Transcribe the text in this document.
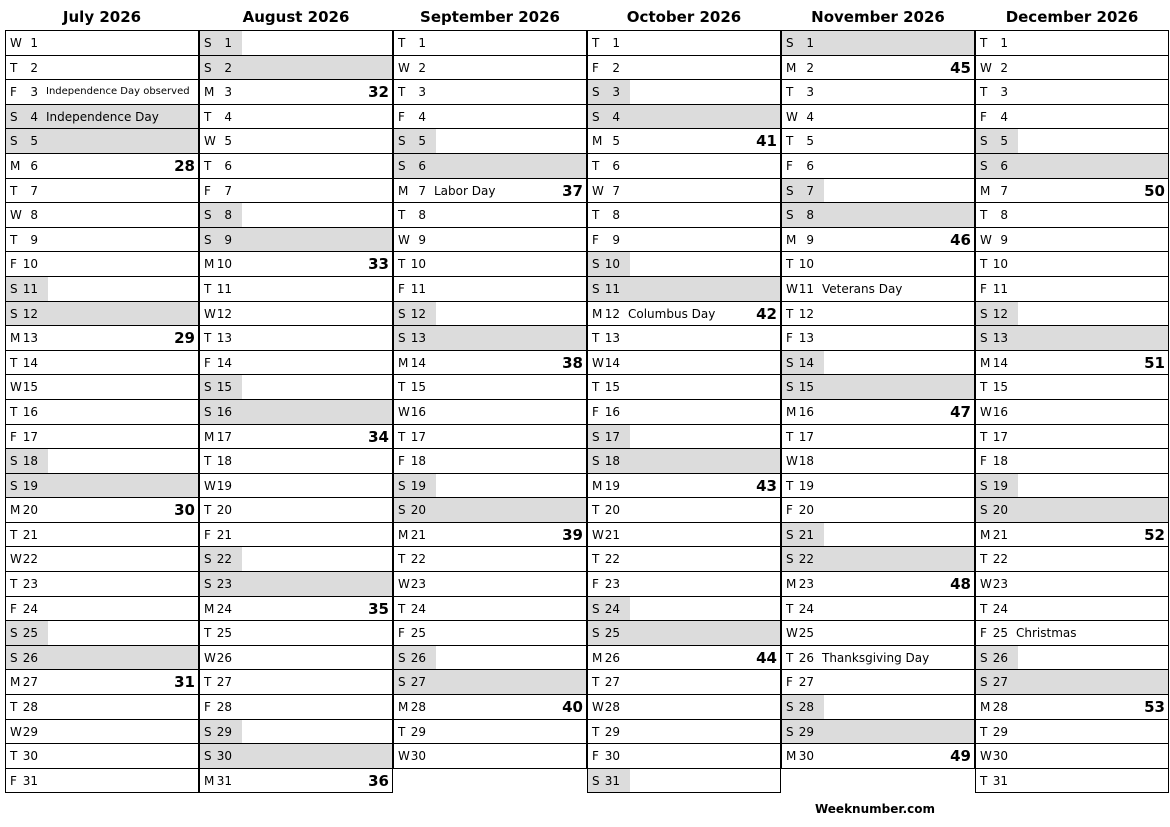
July 2026
W 1
T	2
F	3 Independence Day observed
S	4 Independence Day
S	5
M 6	28
T	7
W 8
T	9
F 10
S 11
S 12
M 13	29
T 14
W 15
T 16
F 17
S 18
S 19
M 20	30
T 21
W 22
T 23
F 24
S 25
S 26
M 27	31
T 28
W 29
T 30
F 31
August 2026
S	1
S	2
M 3	32
T	4
W 5
T	6
F	7
S	8
S	9
M 10	33
T 11
W 12
T 13
F 14
S 15
S 16
M 17	34
T 18
W 19
T 20
F 21
S 22
S 23
M 24	35
T 25
W 26
T 27
F 28
S 29
S 30
M 31	36
September 2026
T	1
W 2
T	3
F	4
S	5
S	6
M 7 Labor Day	37
T	8
W 9
T 10
F 11
S 12
S 13
M 14	38
T 15
W 16
T 17
F 18
S 19
S 20
M 21	39
T 22
W 23
T 24
F 25
S 26
S 27
M 28	40
T 29
W 30
October 2026
T	1
F	2
S	3
S	4
M 5	41
T	6
W 7
T	8
F	9
S 10
S 11
M 12 Columbus Day	42
T 13
W 14
T 15
F 16
S 17
S 18
M 19	43
T 20
W 21
T 22
F 23
S 24
S 25
M 26	44
T 27
W 28
T 29
F 30
S 31
November 2026
S	1
M 2	45
T	3
W 4
T	5
F	6
S	7
S	8
M 9	46
T 10
W 11 Veterans Day
T 12
F 13
S 14
S 15
M 16	47
T 17
W 18
T 19
F 20
S 21
S 22
M 23	48
T 24
W 25
T 26 Thanksgiving Day
F 27
S 28
S 29
M 30	49
December 2026
T	1
W 2
T	3
F	4
S	5
S	6
M 7	50
T	8
W 9
T 10
F 11
S 12
S 13
M 14	51
T 15
W 16
T 17
F 18
S 19
S 20
M 21	52
T 22
W 23
T 24
F 25 Christmas
S 26
S 27
M 28	53
T 29
W 30
T 31
Weeknumber.com
